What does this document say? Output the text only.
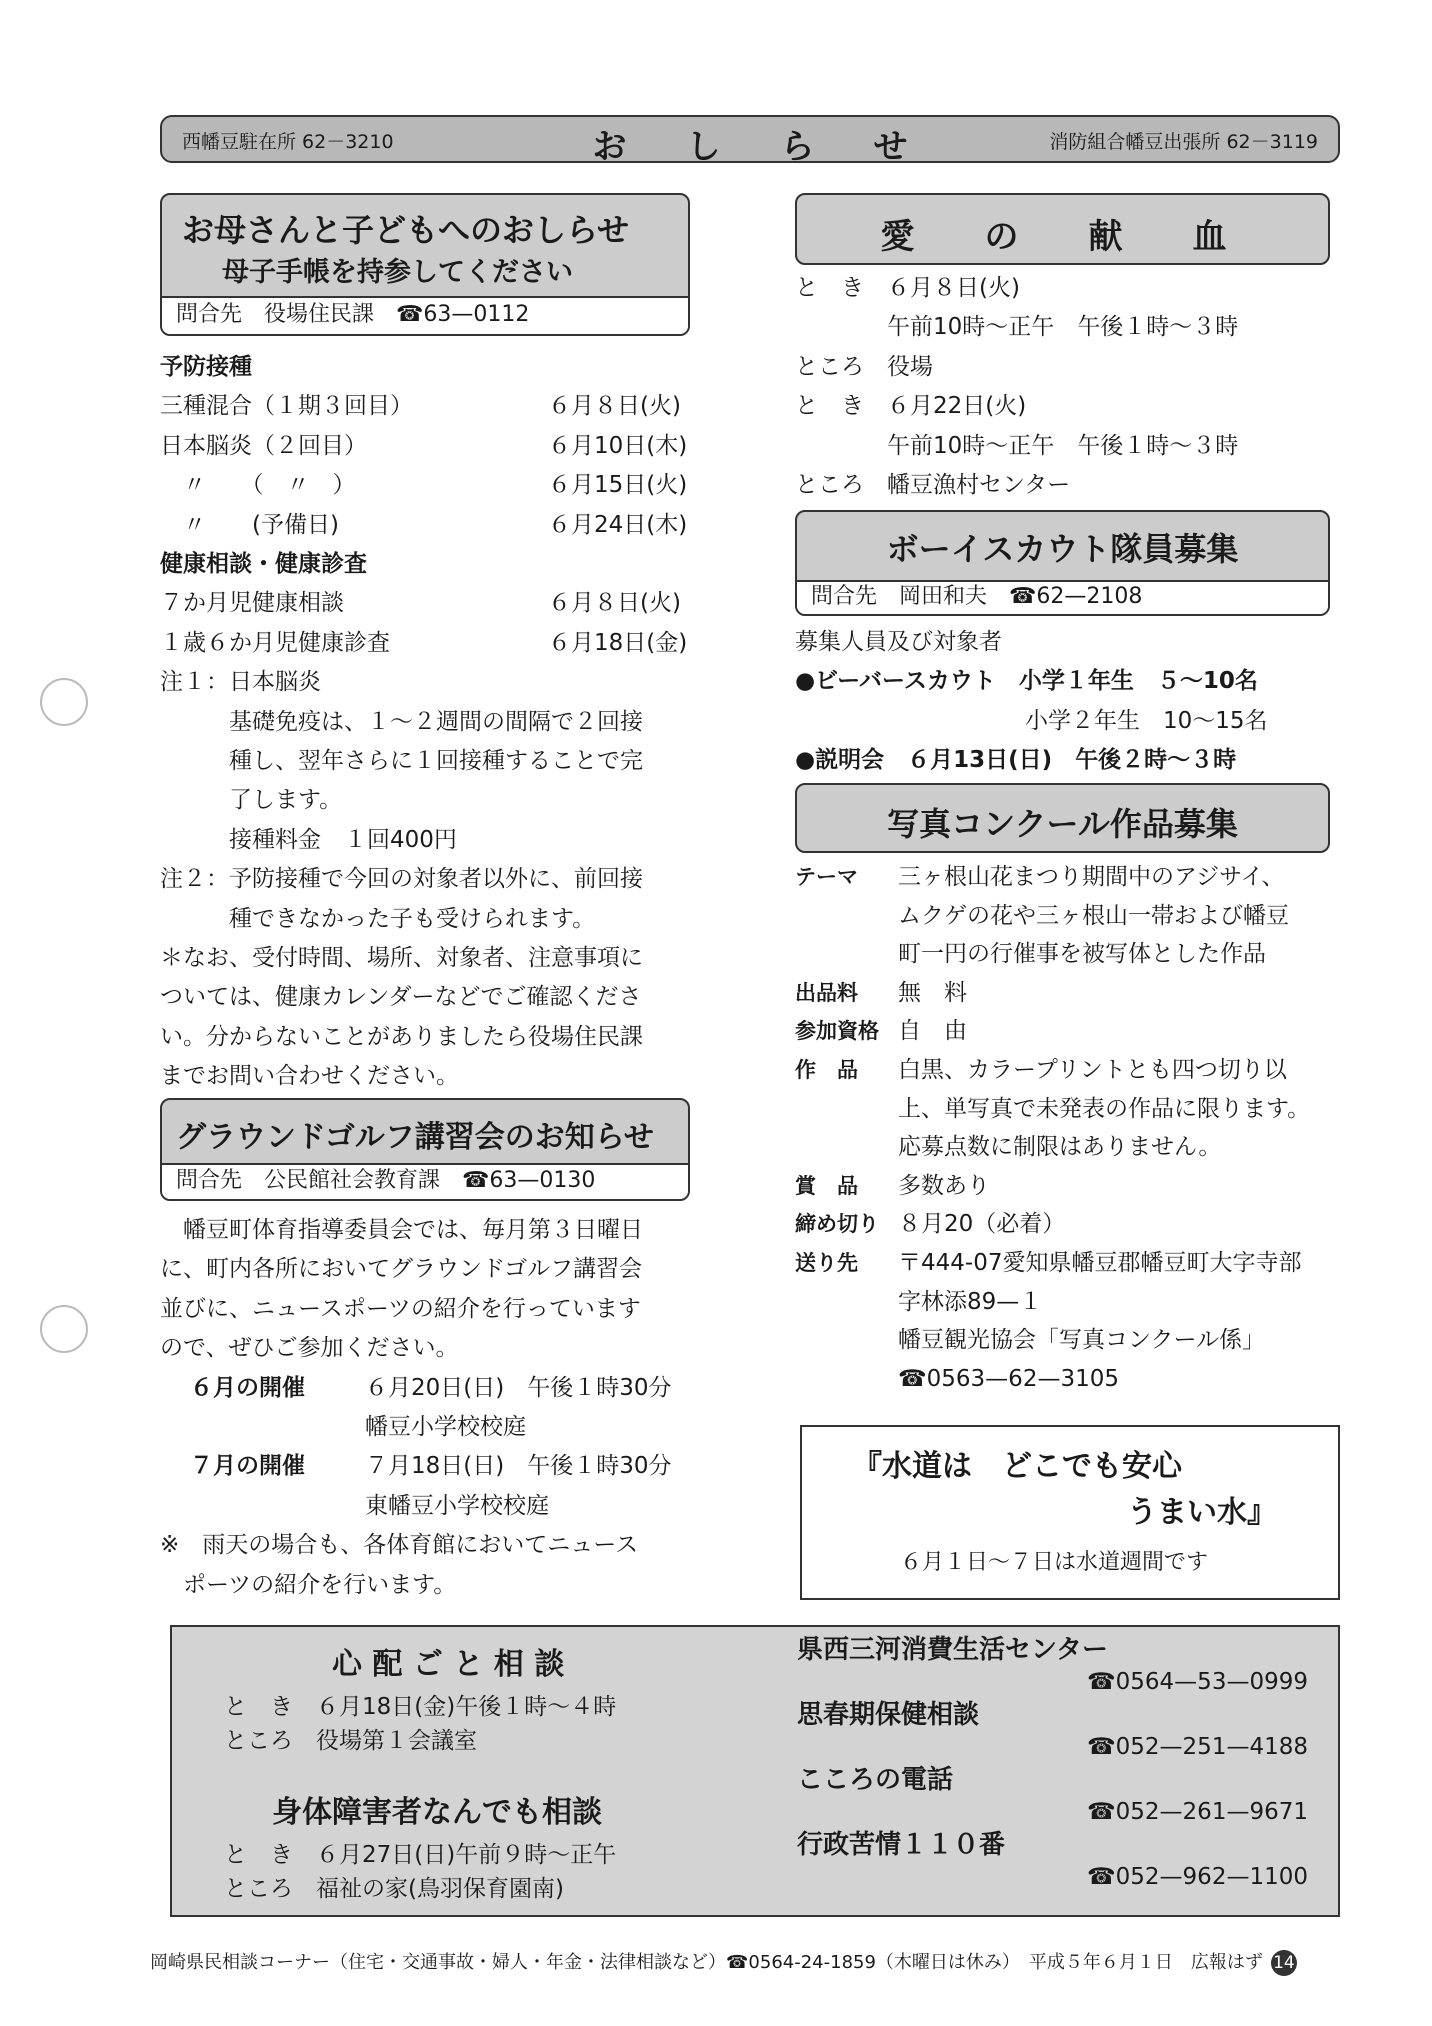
西幡豆駐在所 62－3210	おしらせ	消防組合幡豆出張所 62－3119
お母さんと子どもへのおしらせ
母子手帳を持参してください
問合先　役場住民課　☎63—0112
予防接種
三種混合（１期３回目）	６月８日(火)
日本脳炎（２回目）	６月10日(木)
　〃　　（　〃　）	６月15日(火)
　〃　　(予備日)	６月24日(木)
健康相談・健康診査
７か月児健康相談	６月８日(火)
１歳６か月児健康診査	６月18日(金)
注１：日本脳炎
　　　基礎免疫は、１～２週間の間隔で２回接
　　　種し、翌年さらに１回接種することで完
　　　了します。
　　　接種料金　１回400円
注２：予防接種で今回の対象者以外に、前回接
　　　種できなかった子も受けられます。
＊なお、受付時間、場所、対象者、注意事項に
ついては、健康カレンダーなどでご確認くださ
い。分からないことがありましたら役場住民課
までお問い合わせください。
グラウンドゴルフ講習会のお知らせ
問合先　公民館社会教育課　☎63—0130
　幡豆町体育指導委員会では、毎月第３日曜日
に、町内各所においてグラウンドゴルフ講習会
並びに、ニュースポーツの紹介を行っています
ので、ぜひご参加ください。
６月の開催	６月20日(日)　午後１時30分
幡豆小学校校庭
７月の開催	７月18日(日)　午後１時30分
東幡豆小学校校庭
※　雨天の場合も、各体育館においてニュース
　ポーツの紹介を行います。
愛　の　献　血
と　き　６月８日(火)
　　　　午前10時～正午　午後１時～３時
ところ　役場
と　き　６月22日(火)
　　　　午前10時～正午　午後１時～３時
ところ　幡豆漁村センター
ボーイスカウト隊員募集
問合先　岡田和夫　☎62—2108
募集人員及び対象者
●ビーバースカウト　小学１年生　５～10名
　　　　　　　　　　小学２年生　10～15名
●説明会　６月13日(日)　午後２時～３時
写真コンクール作品募集
テーマ 三ヶ根山花まつり期間中のアジサイ、
ムクゲの花や三ヶ根山一帯および幡豆
町一円の行催事を被写体とした作品
出品料 無　料
参加資格 自　由
作　品 白黒、カラープリントとも四つ切り以
上、単写真で未発表の作品に限ります。
応募点数に制限はありません。
賞　品 多数あり
締め切り ８月20（必着）
送り先 〒444-07愛知県幡豆郡幡豆町大字寺部
字林添89—１
幡豆観光協会「写真コンクール係」
☎0563—62—3105
『水道は　どこでも安心
うまい水』
６月１日～７日は水道週間です
心 配 ご と 相 談
と　き　６月18日(金)午後１時～４時
ところ　役場第１会議室
身体障害者なんでも相談
と　き　６月27日(日)午前９時～正午
ところ　福祉の家(鳥羽保育園南)
県西三河消費生活センター
☎0564—53—0999
思春期保健相談
☎052—251—4188
こころの電話
☎052—261—9671
行政苦情１１０番
☎052—962—1100
岡崎県民相談コーナー（住宅・交通事故・婦人・年金・法律相談など）☎0564-24-1859（木曜日は休み）　平成５年６月１日　広報はず 14
